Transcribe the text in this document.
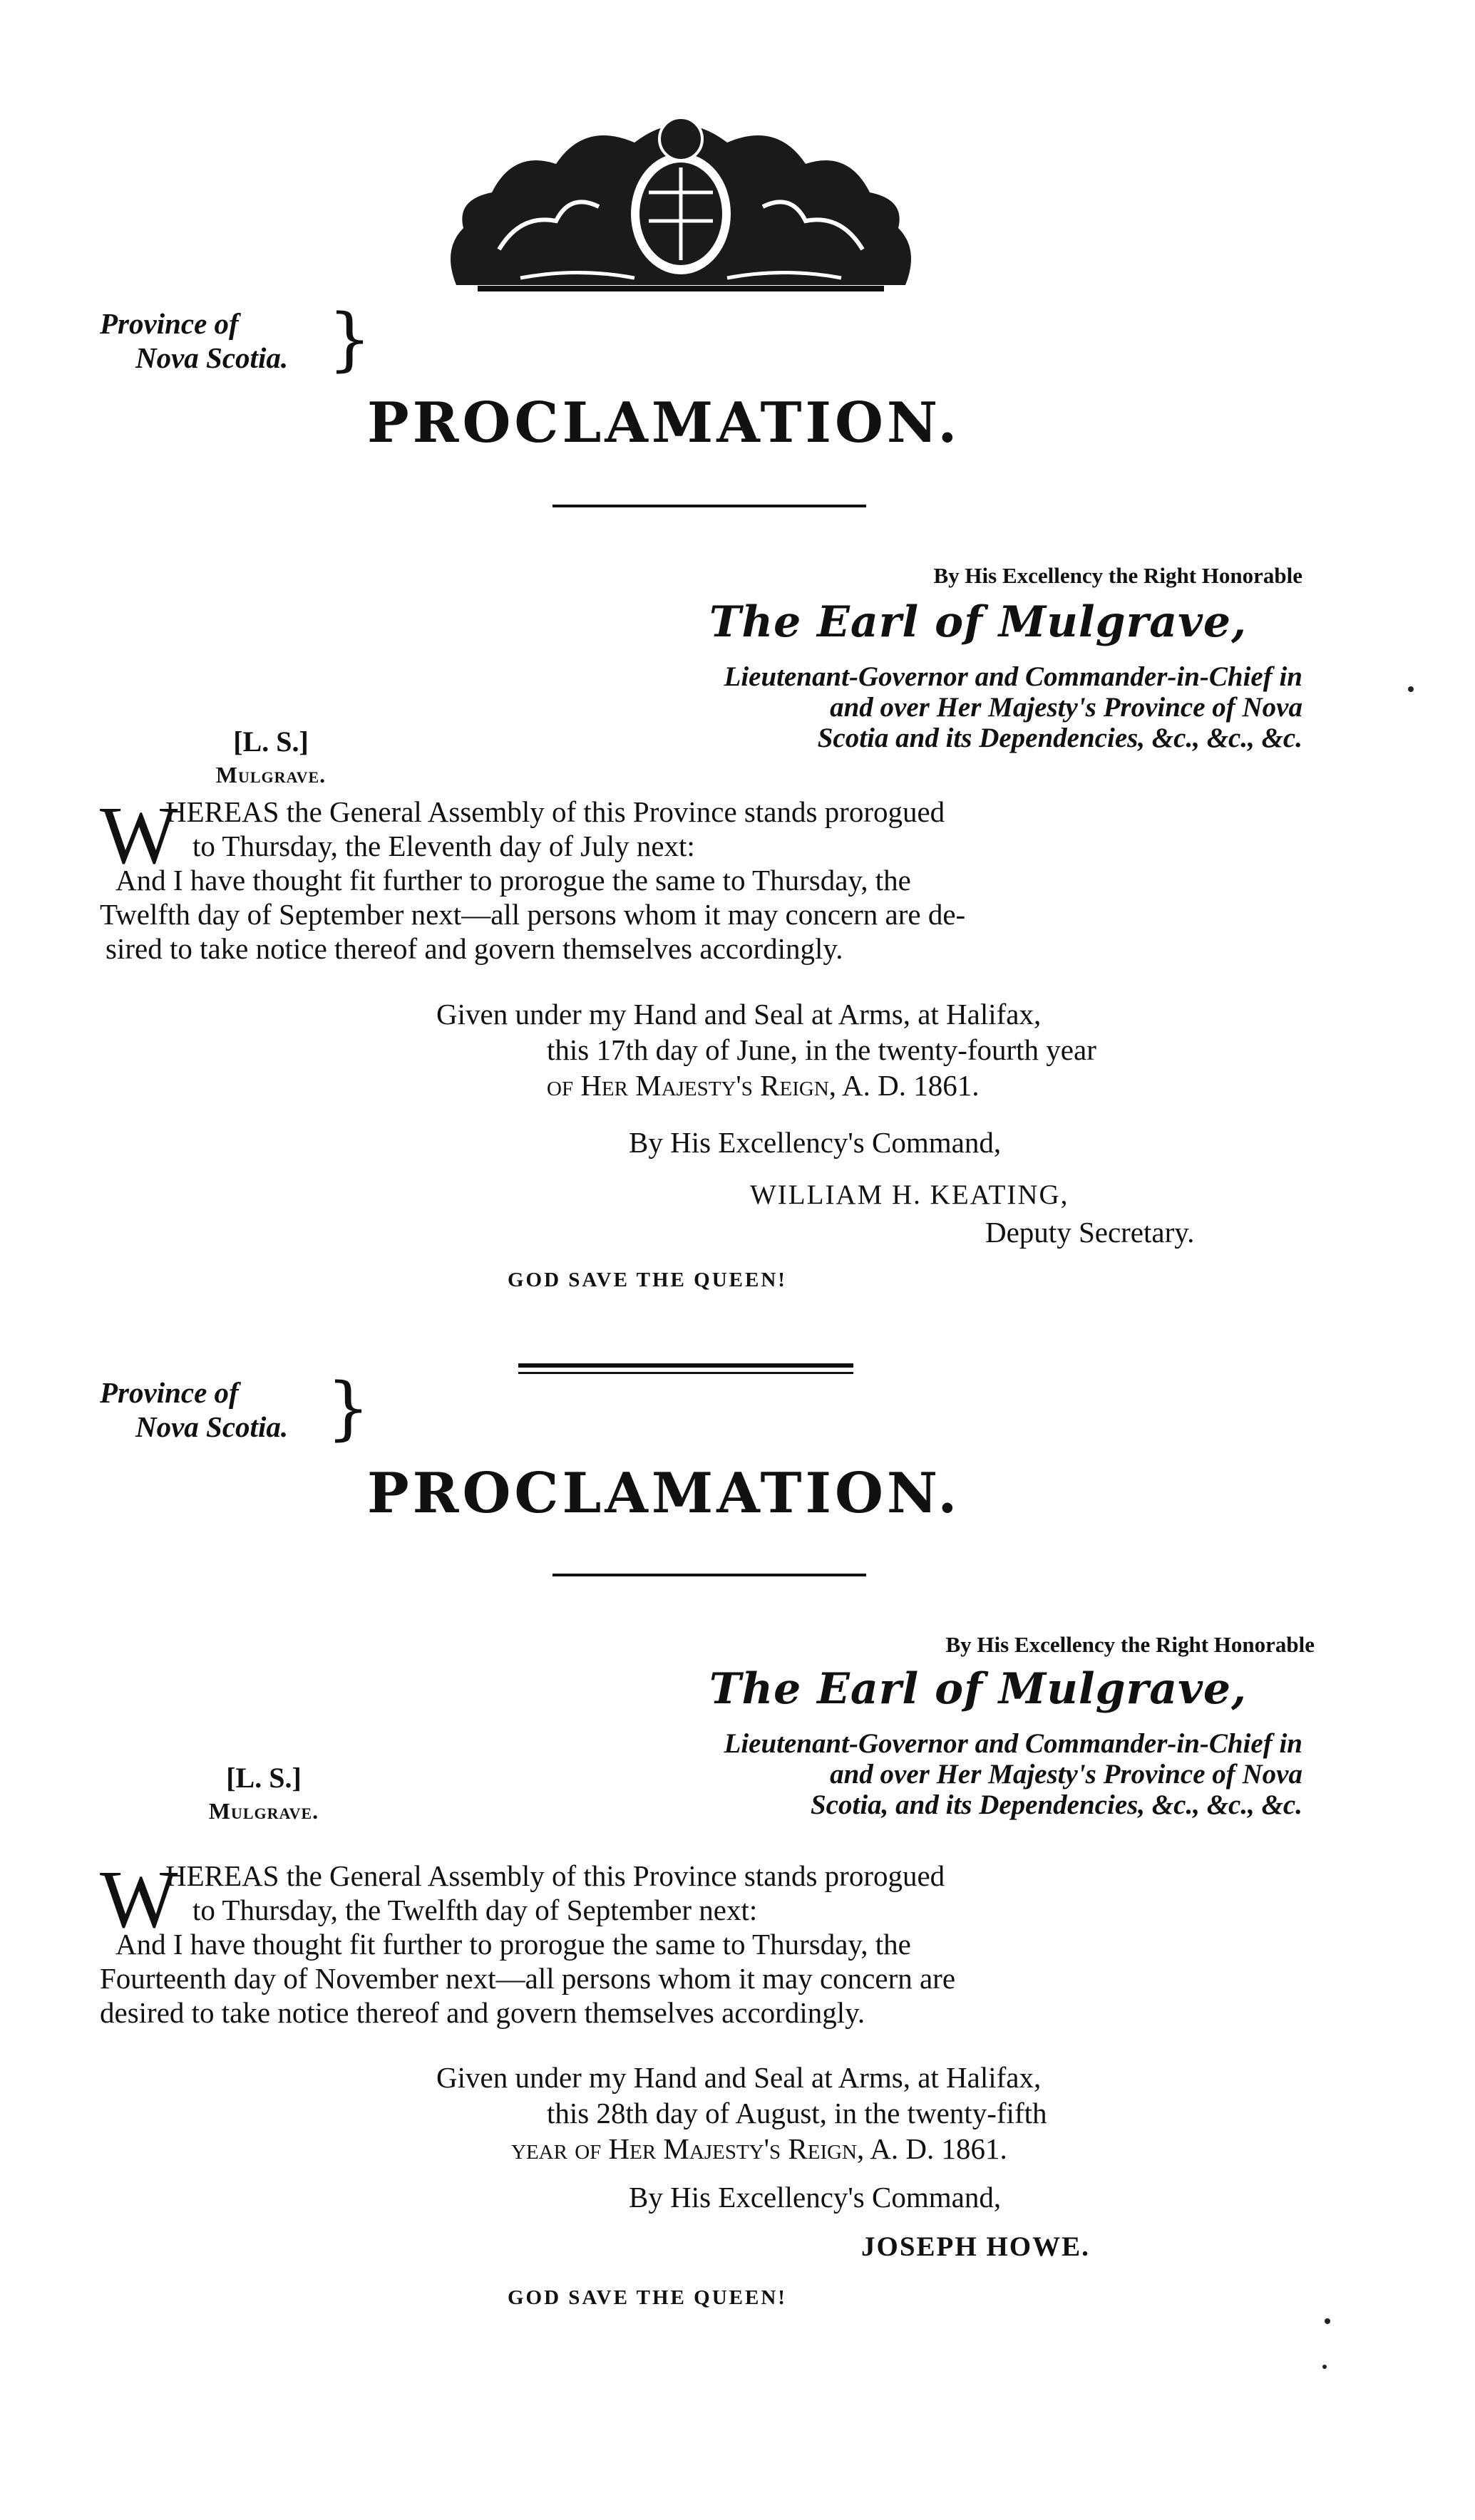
Province of
Nova Scotia. }
PROCLAMATION.
By His Excellency the Right Honorable
The Earl of Mulgrave,
Lieutenant-Governor and Commander-in-Chief in
and over Her Majesty's Province of Nova
Scotia and its Dependencies, &c., &c., &c.
[L. S.]
Mulgrave.
W
HEREAS the General Assembly of this Province stands prorogued
to Thursday, the Eleventh day of July next:
And I have thought fit further to prorogue the same to Thursday, the
Twelfth day of September next—all persons whom it may concern are de-
sired to take notice thereof and govern themselves accordingly.
Given under my Hand and Seal at Arms, at Halifax,
this 17th day of June, in the twenty-fourth year
of Her Majesty's Reign, A. D. 1861.
By His Excellency's Command,
WILLIAM H. KEATING,
Deputy Secretary.
GOD SAVE THE QUEEN!
Province of
Nova Scotia. }
PROCLAMATION.
By His Excellency the Right Honorable
The Earl of Mulgrave,
Lieutenant-Governor and Commander-in-Chief in
and over Her Majesty's Province of Nova
Scotia, and its Dependencies, &c., &c., &c.
[L. S.]
Mulgrave.
W
HEREAS the General Assembly of this Province stands prorogued
to Thursday, the Twelfth day of September next:
And I have thought fit further to prorogue the same to Thursday, the
Fourteenth day of November next—all persons whom it may concern are
desired to take notice thereof and govern themselves accordingly.
Given under my Hand and Seal at Arms, at Halifax,
this 28th day of August, in the twenty-fifth
year of Her Majesty's Reign, A. D. 1861.
By His Excellency's Command,
JOSEPH HOWE.
GOD SAVE THE QUEEN!
